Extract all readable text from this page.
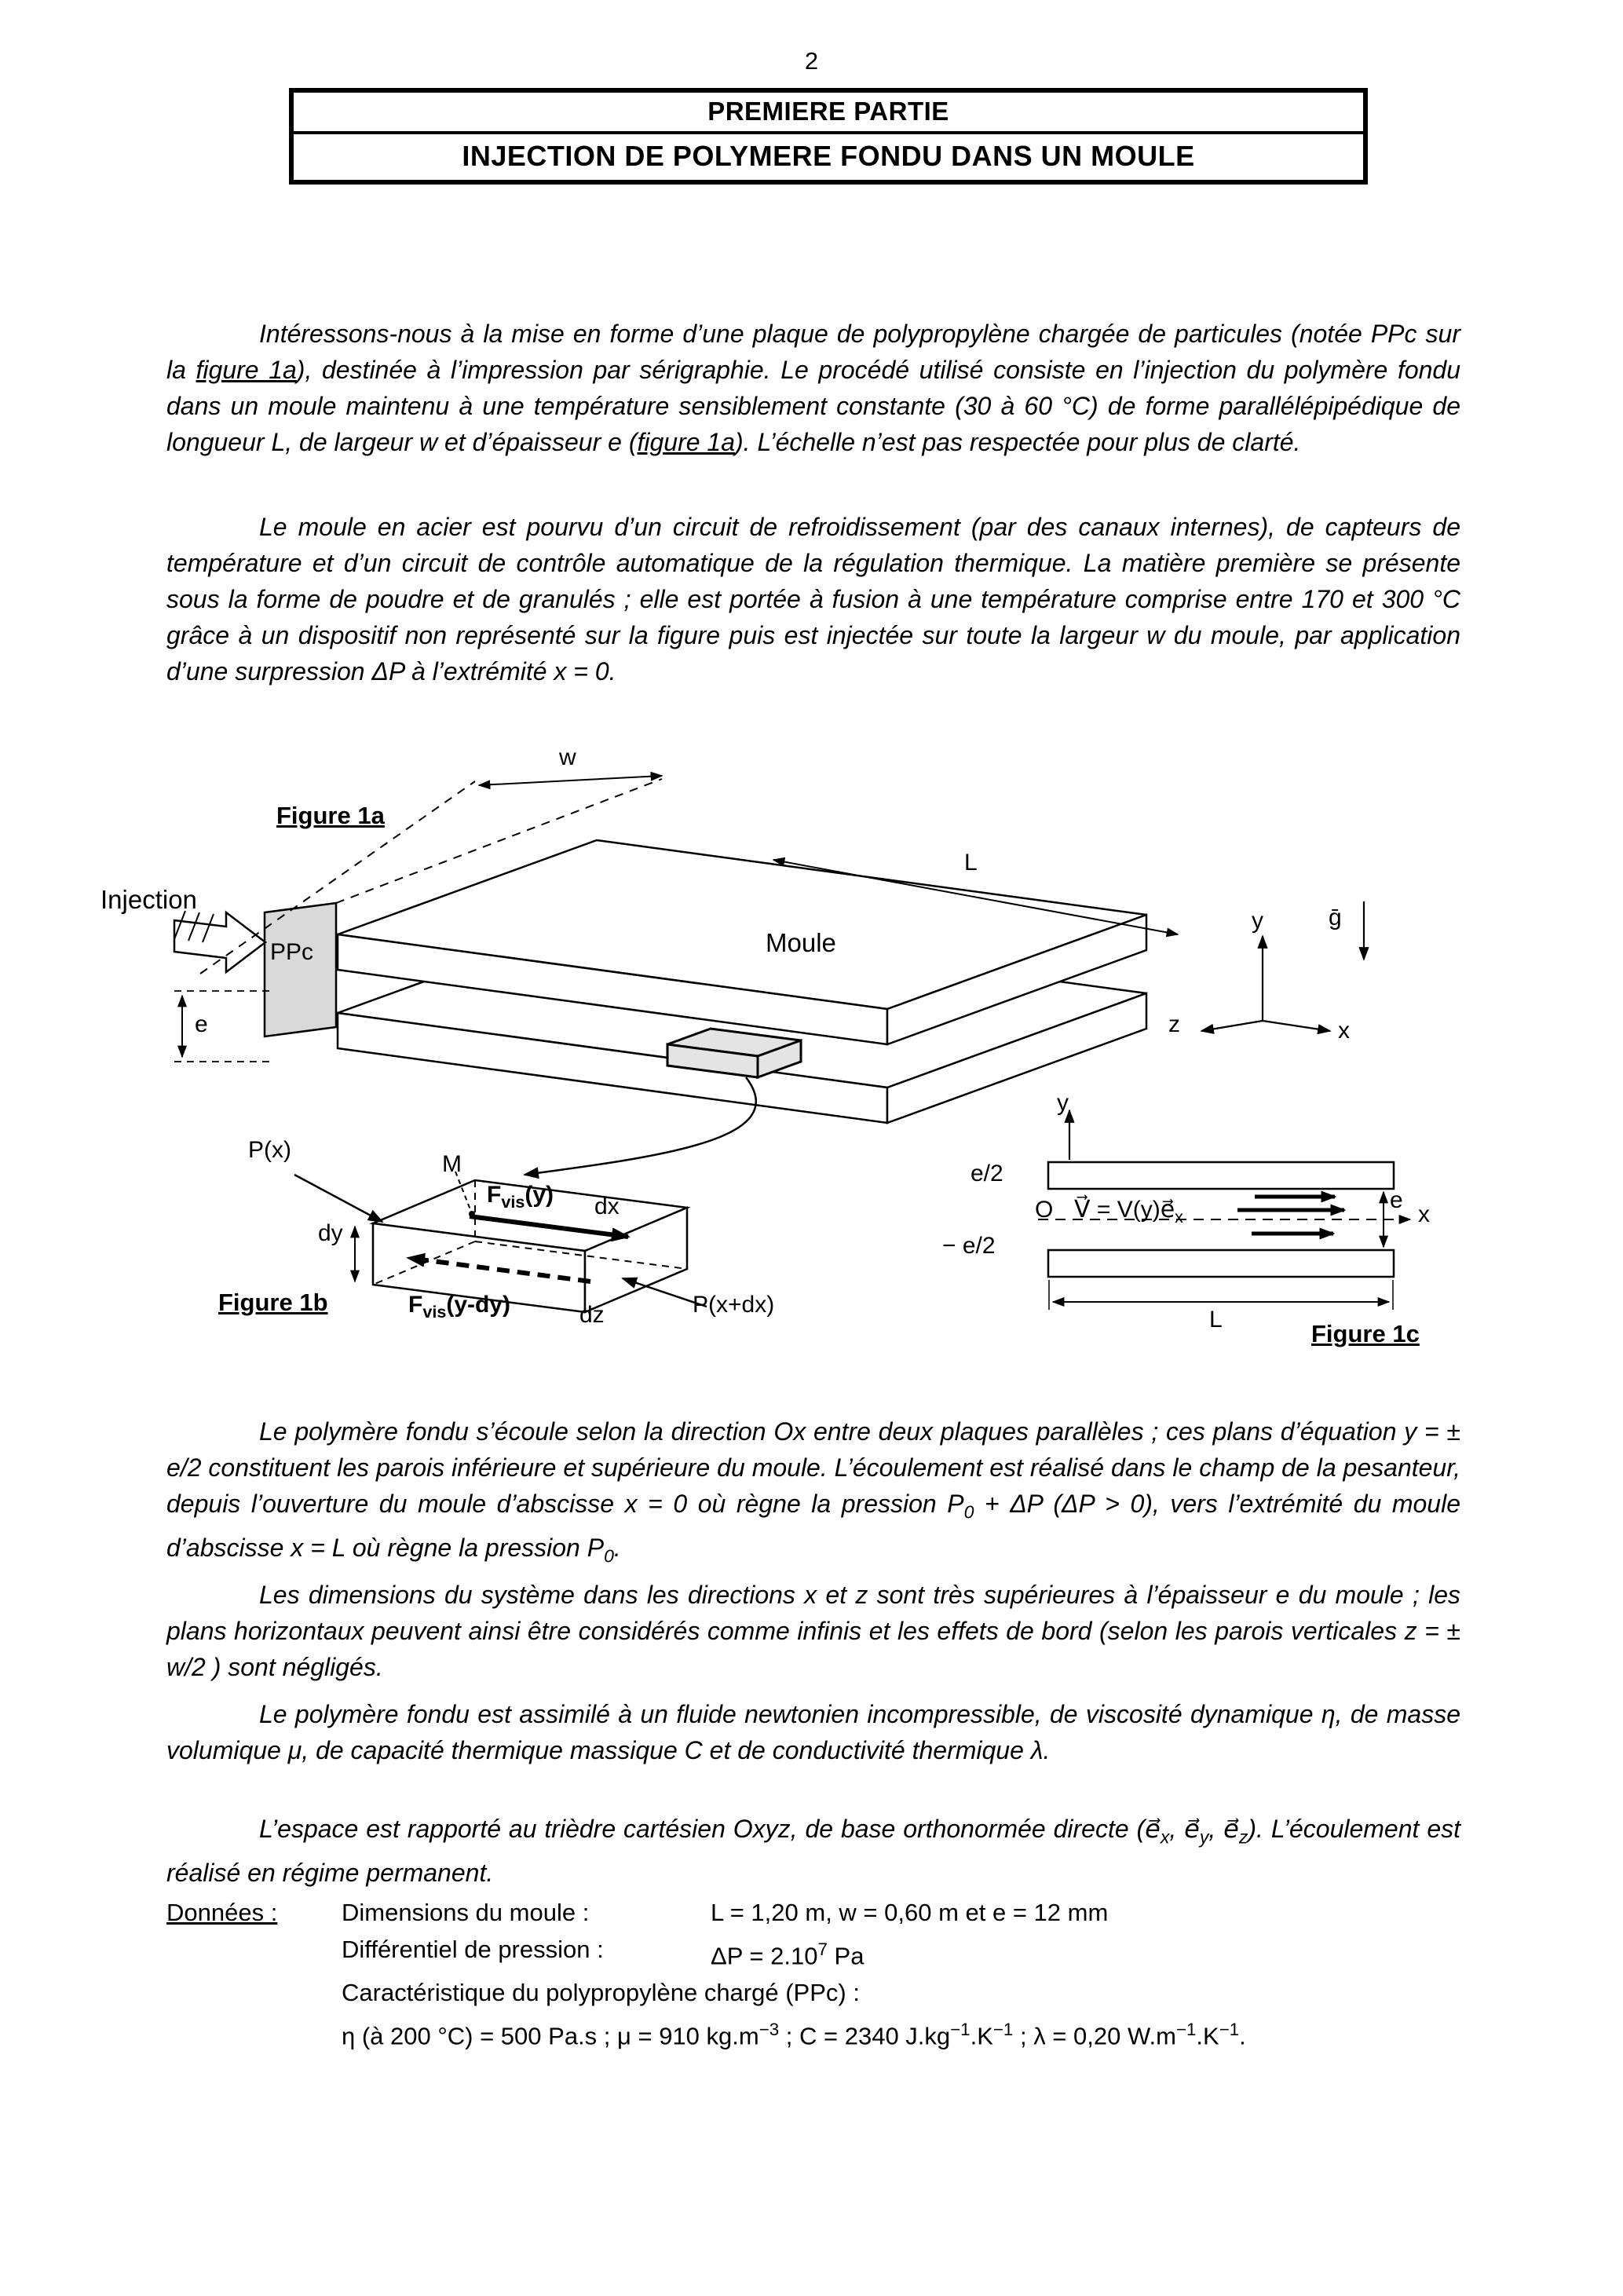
2
PREMIERE PARTIE
INJECTION DE POLYMERE FONDU DANS UN MOULE

Intéressons-nous à la mise en forme d’une plaque de polypropylène chargée de particules (notée PPc sur la figure 1a), destinée à l’impression par sérigraphie. Le procédé utilisé consiste en l’injection du polymère fondu dans un moule maintenu à une température sensiblement constante (30 à 60 °C) de forme parallélépipédique de longueur L, de largeur w et d’épaisseur e (figure 1a). L’échelle n’est pas respectée pour plus de clarté.

Le moule en acier est pourvu d’un circuit de refroidissement (par des canaux internes), de capteurs de température et d’un circuit de contrôle automatique de la régulation thermique. La matière première se présente sous la forme de poudre et de granulés ; elle est portée à fusion à une température comprise entre 170 et 300 °C grâce à un dispositif non représenté sur la figure puis est injectée sur toute la largeur w du moule, par application d’une surpression ΔP à l’extrémité x = 0.

Figure 1a
Injection
w
L
Moule
PPc
e
y	ḡ
z	x
P(x)
M
$F_{vis}(y)$ dx
dy
$F_{vis}(y-dy)$	dz	P(x+dx)
Figure 1b
y
e/2
− e/2
O V⃗ = $V(y)e⃗_x$
e
x
L
Figure 1c

Le polymère fondu s’écoule selon la direction Ox entre deux plaques parallèles ; ces plans d’équation y = ± e/2 constituent les parois inférieure et supérieure du moule. L’écoulement est réalisé dans le champ de la pesanteur, depuis l’ouverture du moule d’abscisse x = 0 où règne la pression $P_0 + \Delta P$ (ΔP > 0), vers l’extrémité du moule d’abscisse x = L où règne la pression $P_0$.

Les dimensions du système dans les directions x et z sont très supérieures à l’épaisseur e du moule ; les plans horizontaux peuvent ainsi être considérés comme infinis et les effets de bord (selon les parois verticales z = ± w/2 ) sont négligés.

Le polymère fondu est assimilé à un fluide newtonien incompressible, de viscosité dynamique η, de masse volumique μ, de capacité thermique massique C et de conductivité thermique λ.

L’espace est rapporté au trièdre cartésien Oxyz, de base orthonormée directe ($e⃗_x$, $e⃗_y$, $e⃗_z$). L’écoulement est réalisé en régime permanent.

Données :	Dimensions du moule :	L = 1,20 m, w = 0,60 m et e = 12 mm
Différentiel de pression :	$\Delta P = 2.10^7$ Pa
Caractéristique du polypropylène chargé (PPc) :
η (à 200 °C) = 500 Pa.s ; μ = 910 $kg.m^{-3}$ ; C = 2340 $J.kg^{-1}.K^{-1}$ ; λ = 0,20 $W.m^{-1}.K^{-1}$.
